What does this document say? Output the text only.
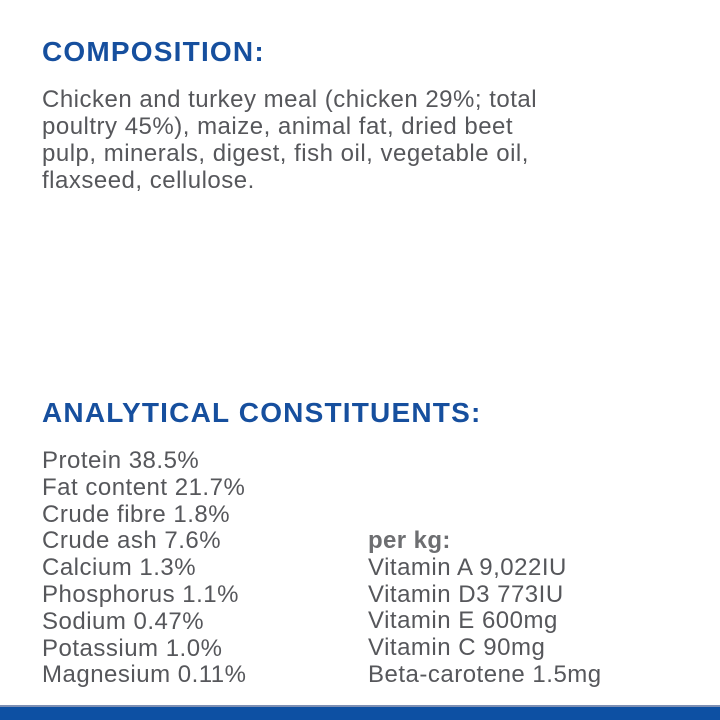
COMPOSITION:
Chicken and turkey meal (chicken 29%; total
poultry 45%), maize, animal fat, dried beet
pulp, minerals, digest, fish oil, vegetable oil,
flaxseed, cellulose.
ANALYTICAL CONSTITUENTS:
Protein 38.5%
Fat content 21.7%
Crude fibre 1.8%
Crude ash 7.6%
Calcium 1.3%
Phosphorus 1.1%
Sodium 0.47%
Potassium 1.0%
Magnesium 0.11%
per kg:
Vitamin A 9,022IU
Vitamin D3 773IU
Vitamin E 600mg
Vitamin C 90mg
Beta-carotene 1.5mg
